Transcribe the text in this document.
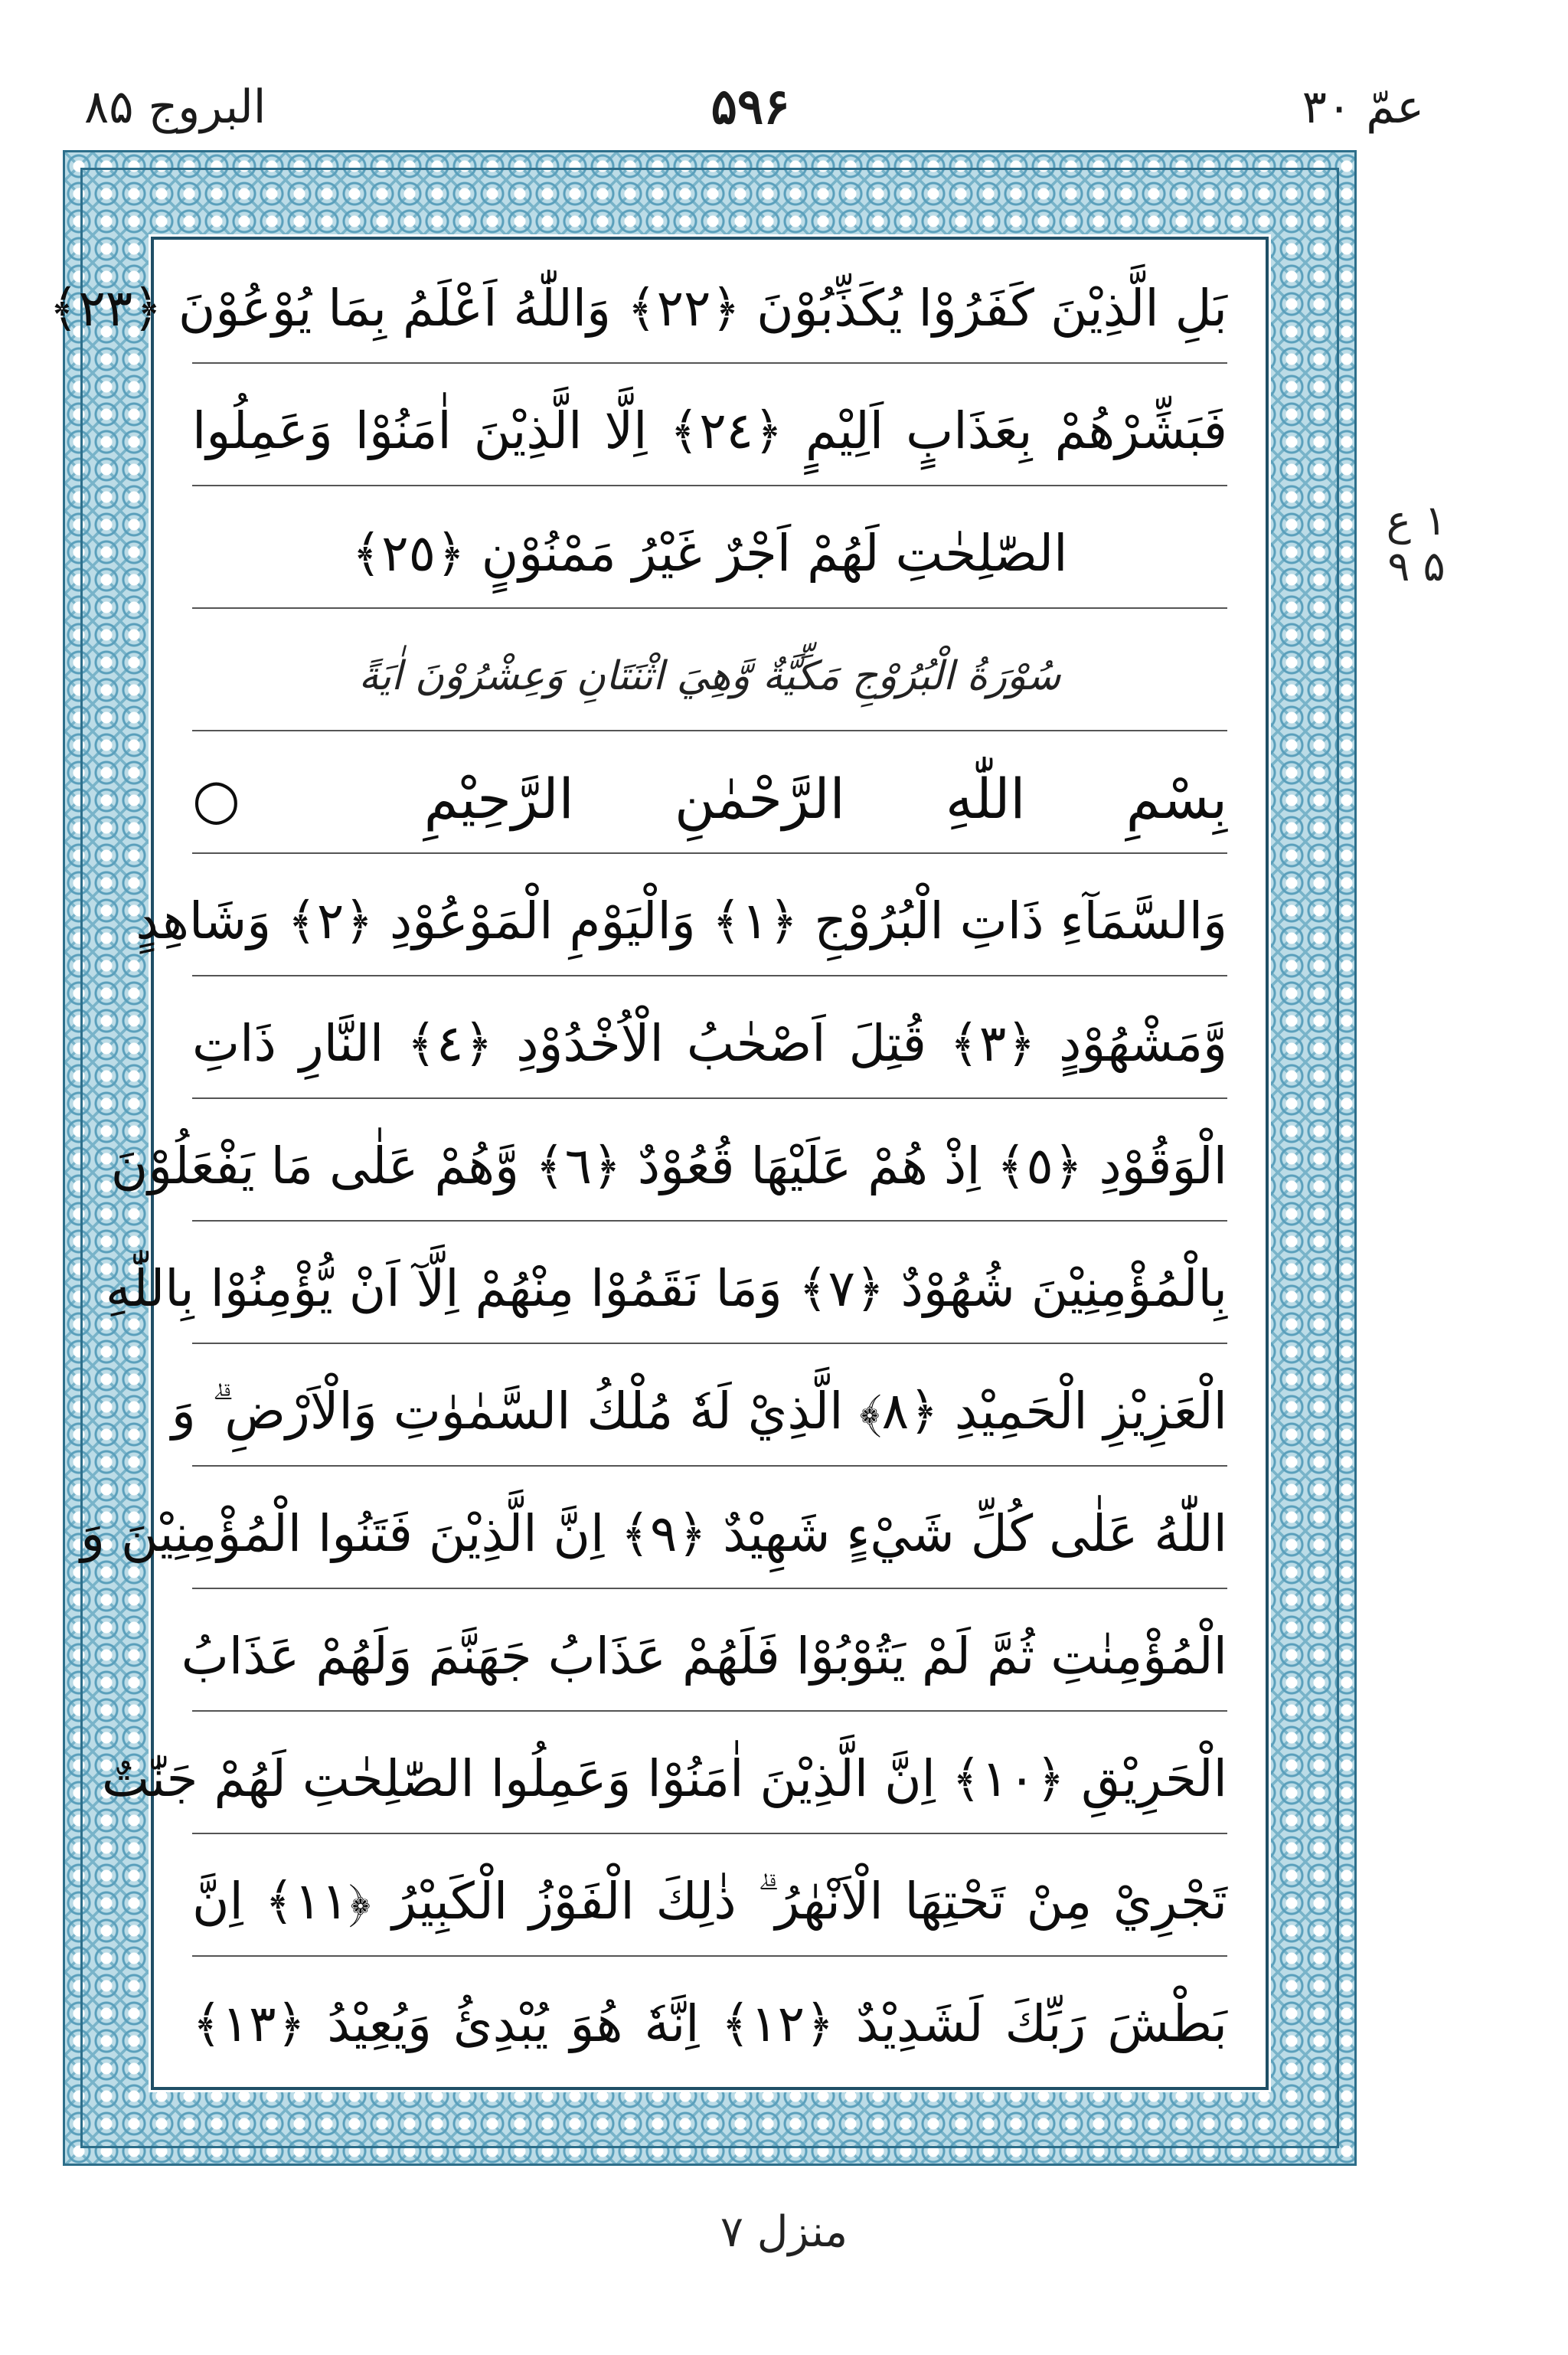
البروج ۸۵	۵۹۶	عمّ ۳۰
بَلِ الَّذِيْنَ كَفَرُوْا يُكَذِّبُوْنَ ﴿٢٢﴾ وَاللّٰهُ اَعْلَمُ بِمَا يُوْعُوْنَ ﴿٢٣﴾
فَبَشِّرْهُمْ بِعَذَابٍ اَلِيْمٍ ﴿٢٤﴾ اِلَّا الَّذِيْنَ اٰمَنُوْا وَعَمِلُوا
الصّٰلِحٰتِ لَهُمْ اَجْرٌ غَيْرُ مَمْنُوْنٍ ﴿٢٥﴾
سُوْرَةُ الْبُرُوْجِ مَكِّيَّةٌ وَّهِيَ اثْنَتَانِ وَعِشْرُوْنَ اٰيَةً
بِسْمِ اللّٰهِ الرَّحْمٰنِ الرَّحِيْمِ ○
وَالسَّمَآءِ ذَاتِ الْبُرُوْجِ ﴿١﴾ وَالْيَوْمِ الْمَوْعُوْدِ ﴿٢﴾ وَشَاهِدٍ
وَّمَشْهُوْدٍ ﴿٣﴾ قُتِلَ اَصْحٰبُ الْاُخْدُوْدِ ﴿٤﴾ النَّارِ ذَاتِ
الْوَقُوْدِ ﴿٥﴾ اِذْ هُمْ عَلَيْهَا قُعُوْدٌ ﴿٦﴾ وَّهُمْ عَلٰى مَا يَفْعَلُوْنَ
بِالْمُؤْمِنِيْنَ شُهُوْدٌ ﴿٧﴾ وَمَا نَقَمُوْا مِنْهُمْ اِلَّآ اَنْ يُّؤْمِنُوْا بِاللّٰهِ
الْعَزِيْزِ الْحَمِيْدِ ﴿٨﴾ الَّذِيْ لَهٗ مُلْكُ السَّمٰوٰتِ وَالْاَرْضِ ۗ وَ
اللّٰهُ عَلٰى كُلِّ شَيْءٍ شَهِيْدٌ ﴿٩﴾ اِنَّ الَّذِيْنَ فَتَنُوا الْمُؤْمِنِيْنَ وَ
الْمُؤْمِنٰتِ ثُمَّ لَمْ يَتُوْبُوْا فَلَهُمْ عَذَابُ جَهَنَّمَ وَلَهُمْ عَذَابُ
الْحَرِيْقِ ﴿١٠﴾ اِنَّ الَّذِيْنَ اٰمَنُوْا وَعَمِلُوا الصّٰلِحٰتِ لَهُمْ جَنّٰتٌ
تَجْرِيْ مِنْ تَحْتِهَا الْاَنْهٰرُ ۗ ذٰلِكَ الْفَوْزُ الْكَبِيْرُ ﴿١١﴾ اِنَّ
بَطْشَ رَبِّكَ لَشَدِيْدٌ ﴿١٢﴾ اِنَّهٗ هُوَ يُبْدِئُ وَيُعِيْدُ ﴿١٣﴾
۱ ع ۵ ۹
منزل ۷
